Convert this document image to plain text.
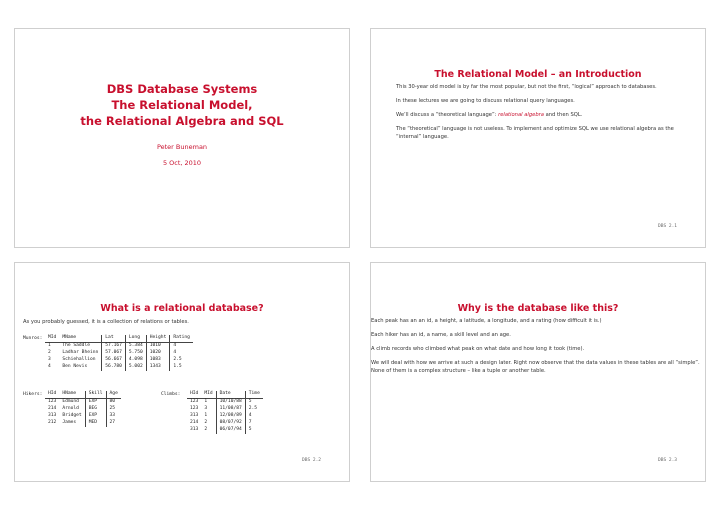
DBS Database Systems
The Relational Model,
the Relational Algebra and SQL
Peter Buneman
5 Oct, 2010
The Relational Model – an Introduction

This 30-year old model is by far the most popular, but not the first, “logical” approach to databases.

In these lectures we are going to discuss relational query languages.

We’ll discuss a “theoretical language”: relational algebra and then SQL.

The “theoretical” language is not useless. To implement and optimize SQL we use relational algebra as the “internal” language.

DBS 2.1
What is a relational database?
As you probably guessed, it is a collection of relations or tables.
Munros: MId	MName	Lat	Long	Height	Rating
1	The Saddle	57.167	5.384	1010	4
2	Ladhar Bheinn	57.067	5.750	1020	4
3	Schiehallion	56.667	4.098	1083	2.5
4	Ben Nevis	56.780	5.002	1343	1.5
Hikers: HId	HName	Skill	Age
123	Edmund	EXP	80
214	Arnold	BEG	25
313	Bridget	EXP	33
212	James	MED	27
Climbs: HId	MId	Date	Time
123	1	10/10/88	5
123	3	11/08/87	2.5
313	1	12/08/89	4
214	2	08/07/92	7
313	2	06/07/94	5
DBS 2.2
Why is the database like this?

Each peak has an an id, a height, a latitude, a longitude, and a rating (how difficult it is.)

Each hiker has an id, a name, a skill level and an age.

A climb records who climbed what peak on what date and how long it took (time).

We will deal with how we arrive at such a design later. Right now observe that the data values in these tables are all “simple”. None of them is a complex structure – like a tuple or another table.

DBS 2.3
